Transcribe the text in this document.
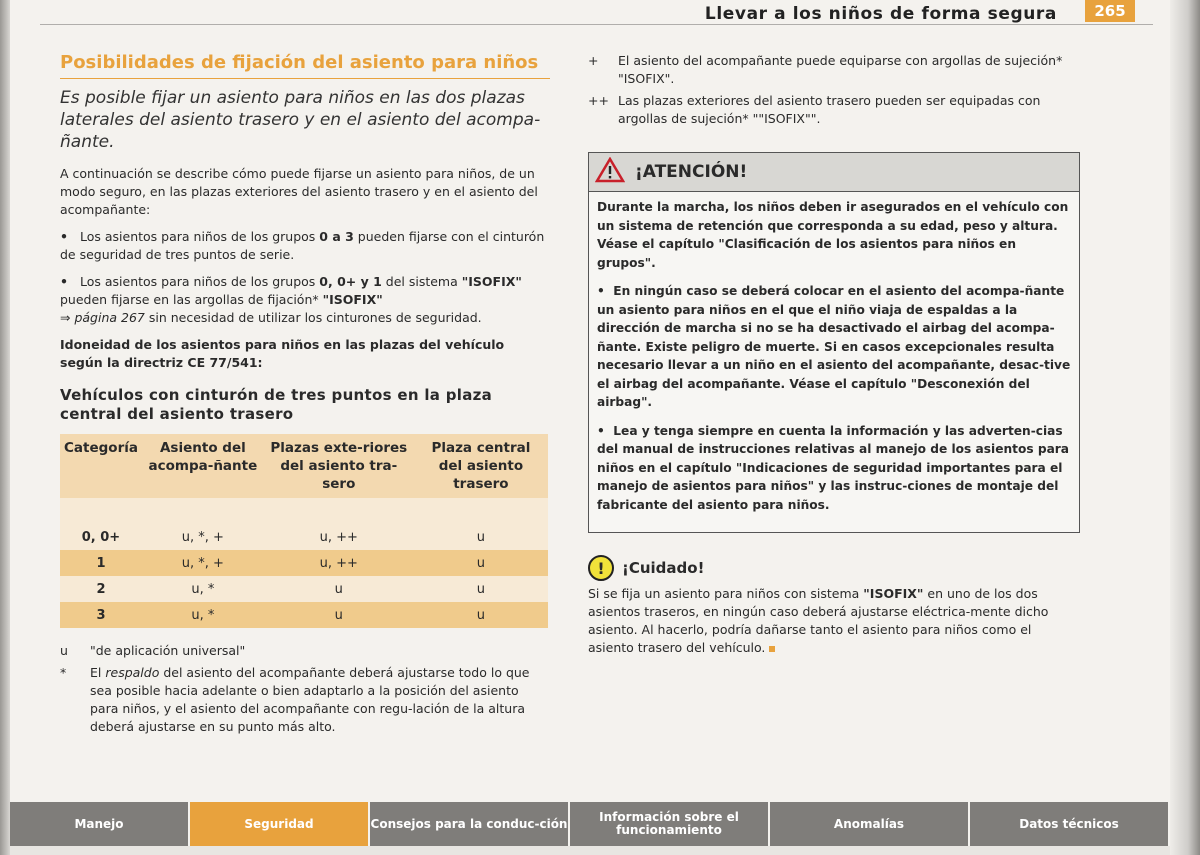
Llevar a los niños de forma segura	265
Posibilidades de fijación del asiento para niños
Es posible fijar un asiento para niños en las dos plazas laterales del asiento trasero y en el asiento del acompa-ñante.

A continuación se describe cómo puede fijarse un asiento para niños, de un modo seguro, en las plazas exteriores del asiento trasero y en el asiento del acompañante:

• Los asientos para niños de los grupos 0 a 3 pueden fijarse con el cinturón de seguridad de tres puntos de serie.

• Los asientos para niños de los grupos 0, 0+ y 1 del sistema "ISOFIX" pueden fijarse en las argollas de fijación* "ISOFIX"
⇒ página 267 sin necesidad de utilizar los cinturones de seguridad.

Idoneidad de los asientos para niños en las plazas del vehículo según la directriz CE 77/541:

Vehículos con cinturón de tres puntos en la plaza central del asiento trasero
Categoría	Asiento del acompa-ñante	Plazas exte-riores del asiento tra-sero	Plaza central del asiento trasero

0, 0+	u, *, +	u, ++	u
1	u, *, +	u, ++	u
2	u, *	u	u
3	u, *	u	u
u	"de aplicación universal"
*	El respaldo del asiento del acompañante deberá ajustarse todo lo que sea posible hacia adelante o bien adaptarlo a la posición del asiento para niños, y el asiento del acompañante con regu-lación de la altura deberá ajustarse en su punto más alto.
+	El asiento del acompañante puede equiparse con argollas de sujeción* "ISOFIX".
++ Las plazas exteriores del asiento trasero pueden ser equipadas con argollas de sujeción* ""ISOFIX"".
¡ATENCIÓN!

Durante la marcha, los niños deben ir asegurados en el vehículo con un sistema de retención que corresponda a su edad, peso y altura. Véase el capítulo "Clasificación de los asientos para niños en grupos".

•  En ningún caso se deberá colocar en el asiento del acompa-ñante un asiento para niños en el que el niño viaja de espaldas a la dirección de marcha si no se ha desactivado el airbag del acompa-ñante. Existe peligro de muerte. Si en casos excepcionales resulta necesario llevar a un niño en el asiento del acompañante, desac-tive el airbag del acompañante. Véase el capítulo "Desconexión del airbag".

•  Lea y tenga siempre en cuenta la información y las adverten-cias del manual de instrucciones relativas al manejo de los asientos para niños en el capítulo "Indicaciones de seguridad importantes para el manejo de asientos para niños" y las instruc-ciones de montaje del fabricante del asiento para niños.

!	¡Cuidado!

Si se fija un asiento para niños con sistema "ISOFIX" en uno de los dos asientos traseros, en ningún caso deberá ajustarse eléctrica-mente dicho asiento. Al hacerlo, podría dañarse tanto el asiento para niños como el asiento trasero del vehículo.

Manejo	Seguridad	Consejos para la conduc-ción	Información sobre el funcionamiento	Anomalías	Datos técnicos
